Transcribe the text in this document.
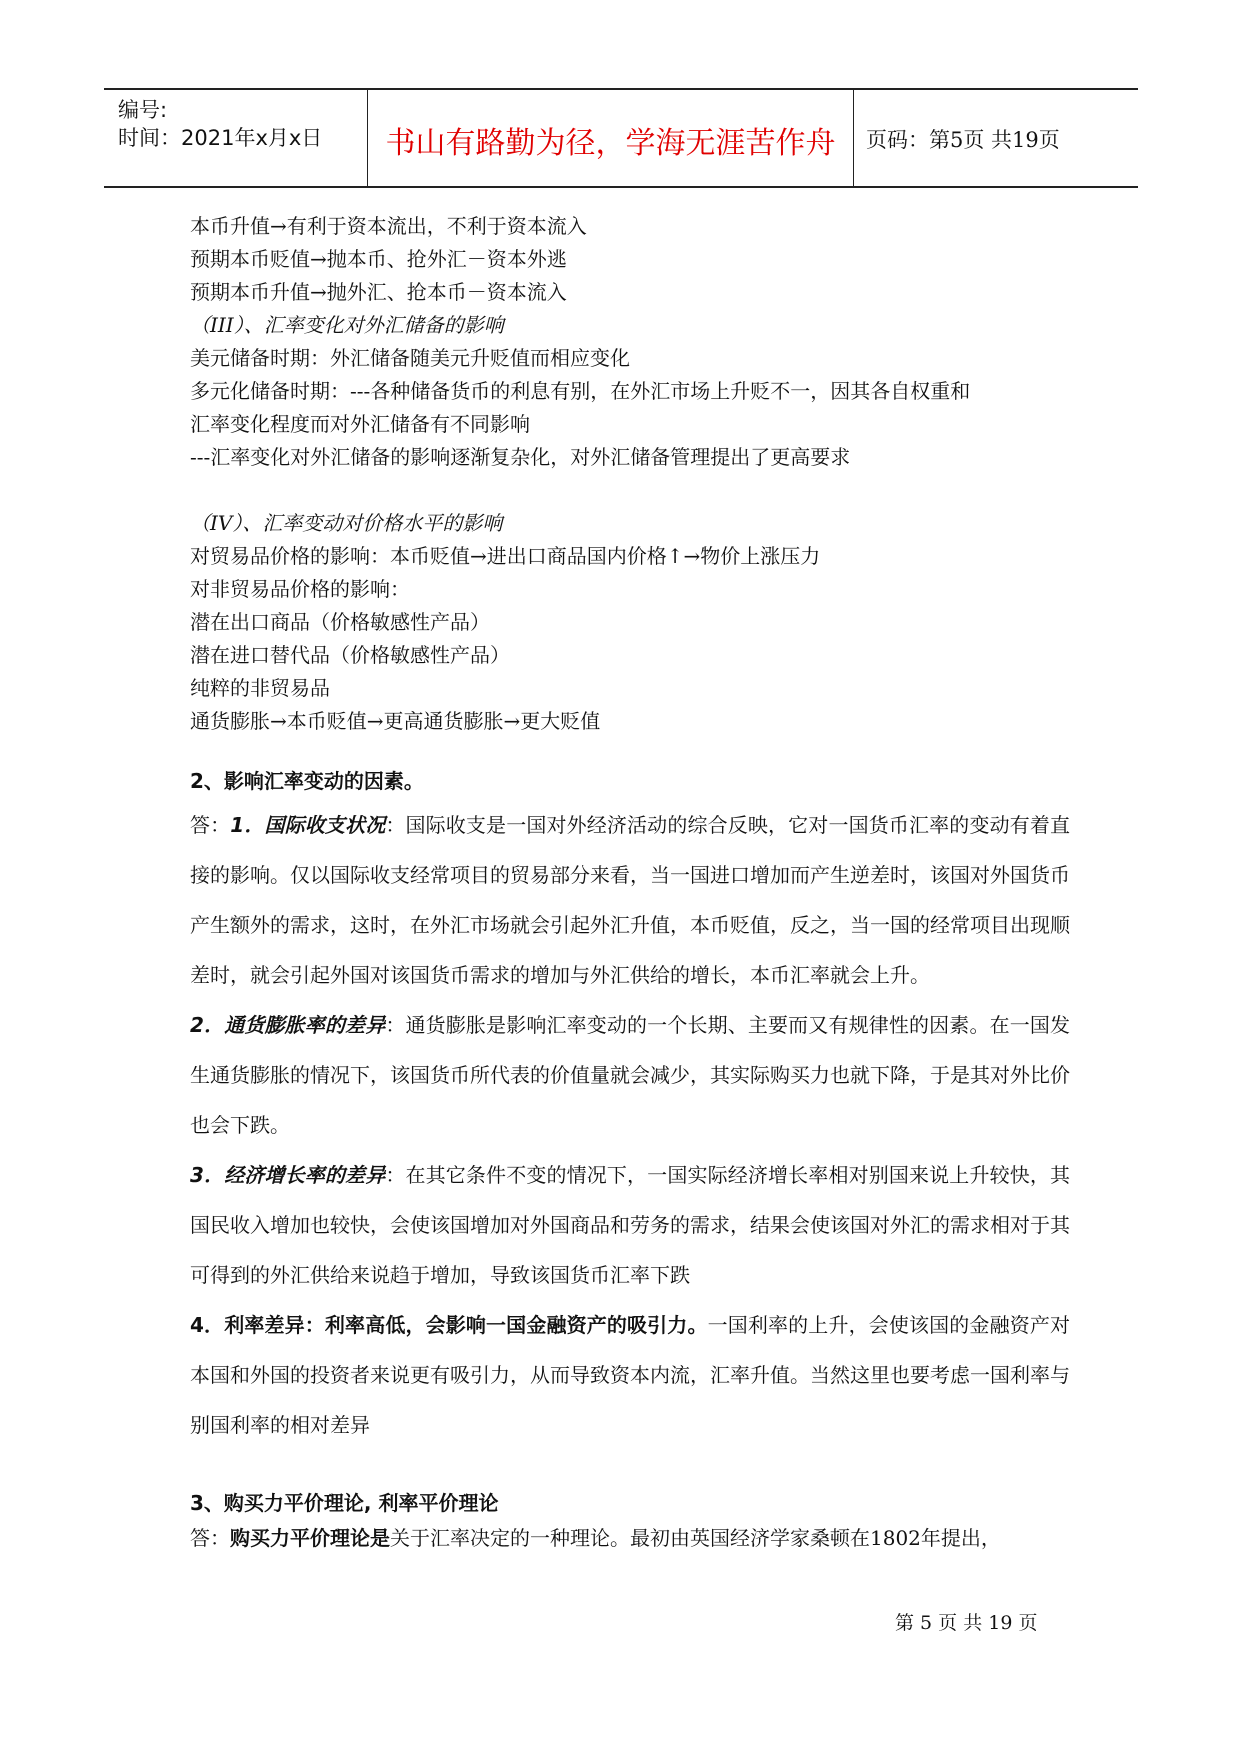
编号:
时间：2021年x月x日	书山有路勤为径，学海无涯苦作舟	页码：第5页 共19页
本币升值→有利于资本流出，不利于资本流入
预期本币贬值→抛本币、抢外汇－资本外逃
预期本币升值→抛外汇、抢本币－资本流入
（III）、汇率变化对外汇储备的影响
美元储备时期：外汇储备随美元升贬值而相应变化
多元化储备时期：---各种储备货币的利息有别，在外汇市场上升贬不一，因其各自权重和
汇率变化程度而对外汇储备有不同影响
---汇率变化对外汇储备的影响逐渐复杂化，对外汇储备管理提出了更高要求
（IV）、汇率变动对价格水平的影响
对贸易品价格的影响：本币贬值→进出口商品国内价格↑→物价上涨压力
对非贸易品价格的影响：
潜在出口商品（价格敏感性产品）
潜在进口替代品（价格敏感性产品）
纯粹的非贸易品
通货膨胀→本币贬值→更高通货膨胀→更大贬值
2、影响汇率变动的因素。
答：1．国际收支状况：国际收支是一国对外经济活动的综合反映，它对一国货币汇率的变动有着直接的影响。仅以国际收支经常项目的贸易部分来看，当一国进口增加而产生逆差时，该国对外国货币产生额外的需求，这时，在外汇市场就会引起外汇升值，本币贬值，反之，当一国的经常项目出现顺差时，就会引起外国对该国货币需求的增加与外汇供给的增长，本币汇率就会上升。
2．通货膨胀率的差异：通货膨胀是影响汇率变动的一个长期、主要而又有规律性的因素。在一国发生通货膨胀的情况下，该国货币所代表的价值量就会减少，其实际购买力也就下降，于是其对外比价也会下跌。
3．经济增长率的差异：在其它条件不变的情况下，一国实际经济增长率相对别国来说上升较快，其国民收入增加也较快，会使该国增加对外国商品和劳务的需求，结果会使该国对外汇的需求相对于其可得到的外汇供给来说趋于增加，导致该国货币汇率下跌
4．利率差异：利率高低，会影响一国金融资产的吸引力。一国利率的上升，会使该国的金融资产对本国和外国的投资者来说更有吸引力，从而导致资本内流，汇率升值。当然这里也要考虑一国利率与别国利率的相对差异
3、购买力平价理论, 利率平价理论
答：购买力平价理论是关于汇率决定的一种理论。最初由英国经济学家桑顿在1802年提出，
第 5 页 共 19 页
